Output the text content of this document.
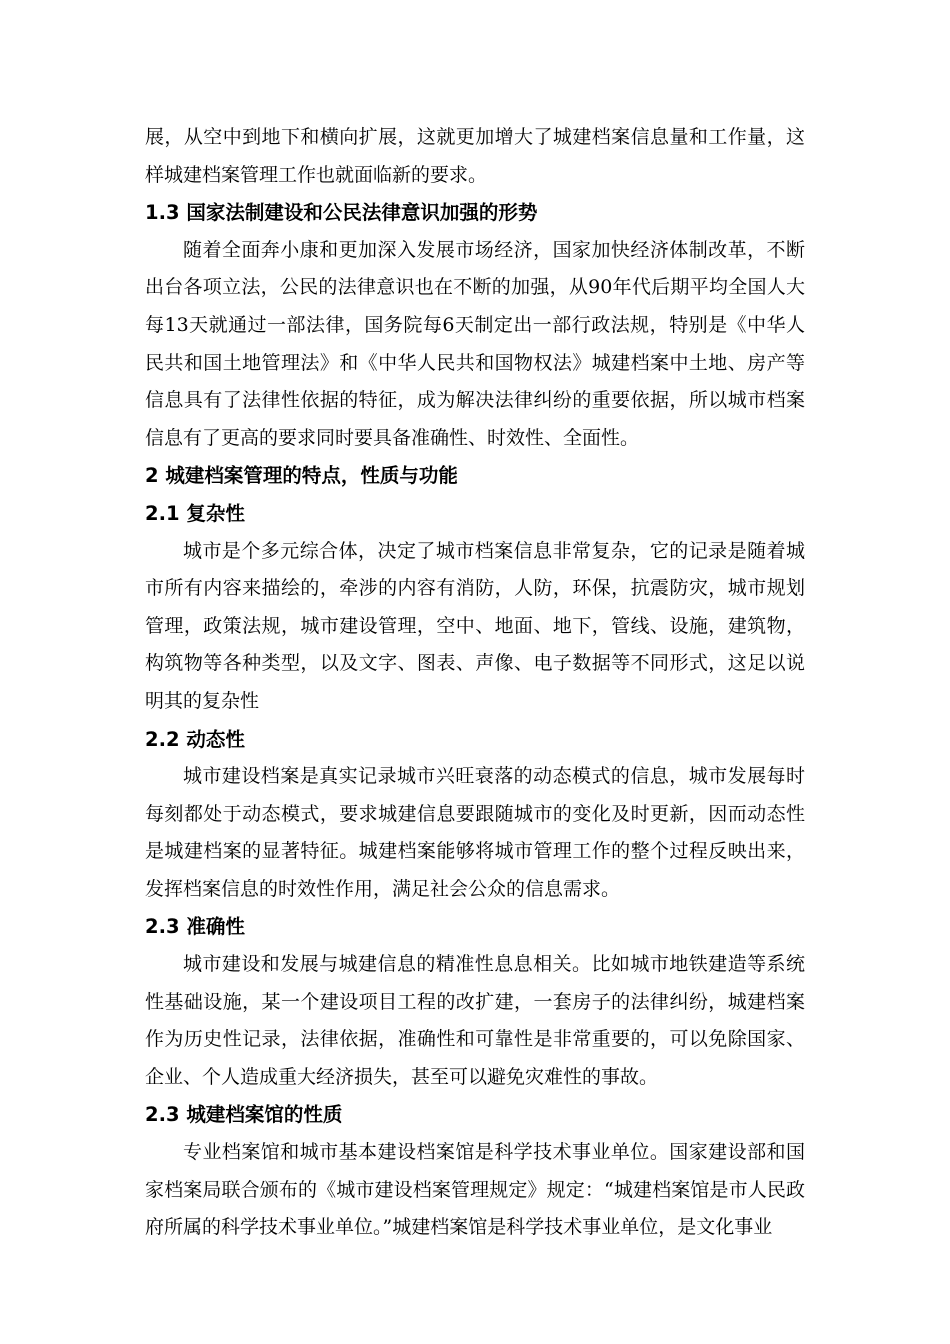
展，从空中到地下和横向扩展，这就更加增大了城建档案信息量和工作量，这样城建档案管理工作也就面临新的要求。

1.3 国家法制建设和公民法律意识加强的形势

随着全面奔小康和更加深入发展市场经济，国家加快经济体制改革，不断出台各项立法，公民的法律意识也在不断的加强，从90年代后期平均全国人大每13天就通过一部法律，国务院每6天制定出一部行政法规，特别是《中华人民共和国土地管理法》和《中华人民共和国物权法》城建档案中土地、房产等信息具有了法律性依据的特征，成为解决法律纠纷的重要依据，所以城市档案信息有了更高的要求同时要具备准确性、时效性、全面性。

2 城建档案管理的特点，性质与功能
2.1 复杂性

城市是个多元综合体，决定了城市档案信息非常复杂，它的记录是随着城市所有内容来描绘的，牵涉的内容有消防，人防，环保，抗震防灾，城市规划管理，政策法规，城市建设管理，空中、地面、地下，管线、设施，建筑物，构筑物等各种类型，以及文字、图表、声像、电子数据等不同形式，这足以说明其的复杂性

2.2 动态性

城市建设档案是真实记录城市兴旺衰落的动态模式的信息，城市发展每时每刻都处于动态模式，要求城建信息要跟随城市的变化及时更新，因而动态性是城建档案的显著特征。城建档案能够将城市管理工作的整个过程反映出来，发挥档案信息的时效性作用，满足社会公众的信息需求。

2.3 准确性

城市建设和发展与城建信息的精准性息息相关。比如城市地铁建造等系统性基础设施，某一个建设项目工程的改扩建，一套房子的法律纠纷，城建档案作为历史性记录，法律依据，准确性和可靠性是非常重要的，可以免除国家、企业、个人造成重大经济损失，甚至可以避免灾难性的事故。

2.3 城建档案馆的性质

专业档案馆和城市基本建设档案馆是科学技术事业单位。国家建设部和国家档案局联合颁布的《城市建设档案管理规定》规定：“城建档案馆是市人民政府所属的科学技术事业单位。”城建档案馆是科学技术事业单位，是文化事业
